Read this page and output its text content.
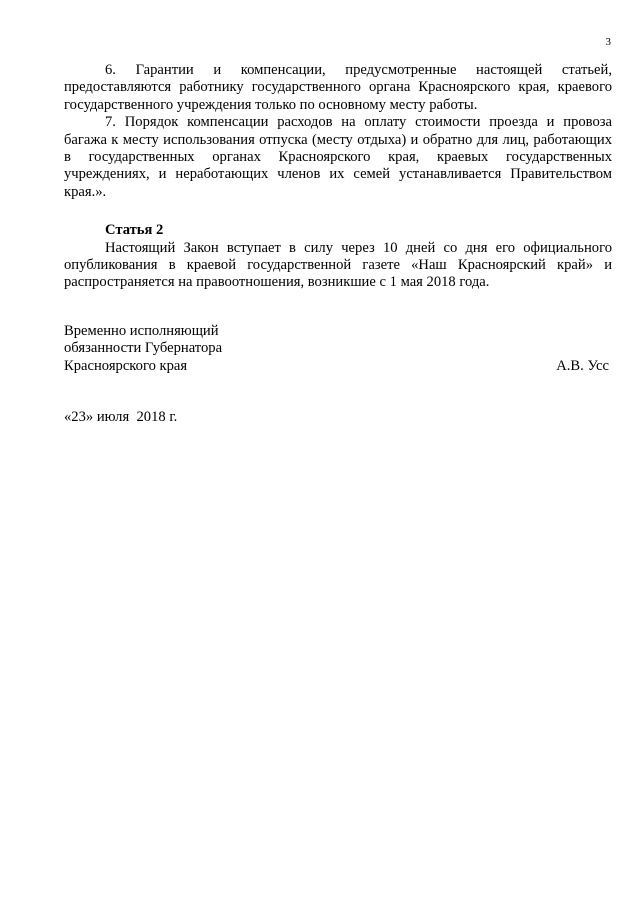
3

6. Гарантии и компенсации, предусмотренные настоящей статьей, предоставляются работнику государственного органа Красноярского края, краевого государственного учреждения только по основному месту работы.

7. Порядок компенсации расходов на оплату стоимости проезда и провоза багажа к месту использования отпуска (месту отдыха) и обратно для лиц, работающих в государственных органах Красноярского края, краевых государственных учреждениях, и неработающих членов их семей устанавливается Правительством края.».

Статья 2

Настоящий Закон вступает в силу через 10 дней со дня его официального опубликования в краевой государственной газете «Наш Красноярский край» и распространяется на правоотношения, возникшие с 1 мая 2018 года.

Временно исполняющий

обязанности Губернатора

Красноярского края	А.В. Усс
«23» июля  2018 г.
